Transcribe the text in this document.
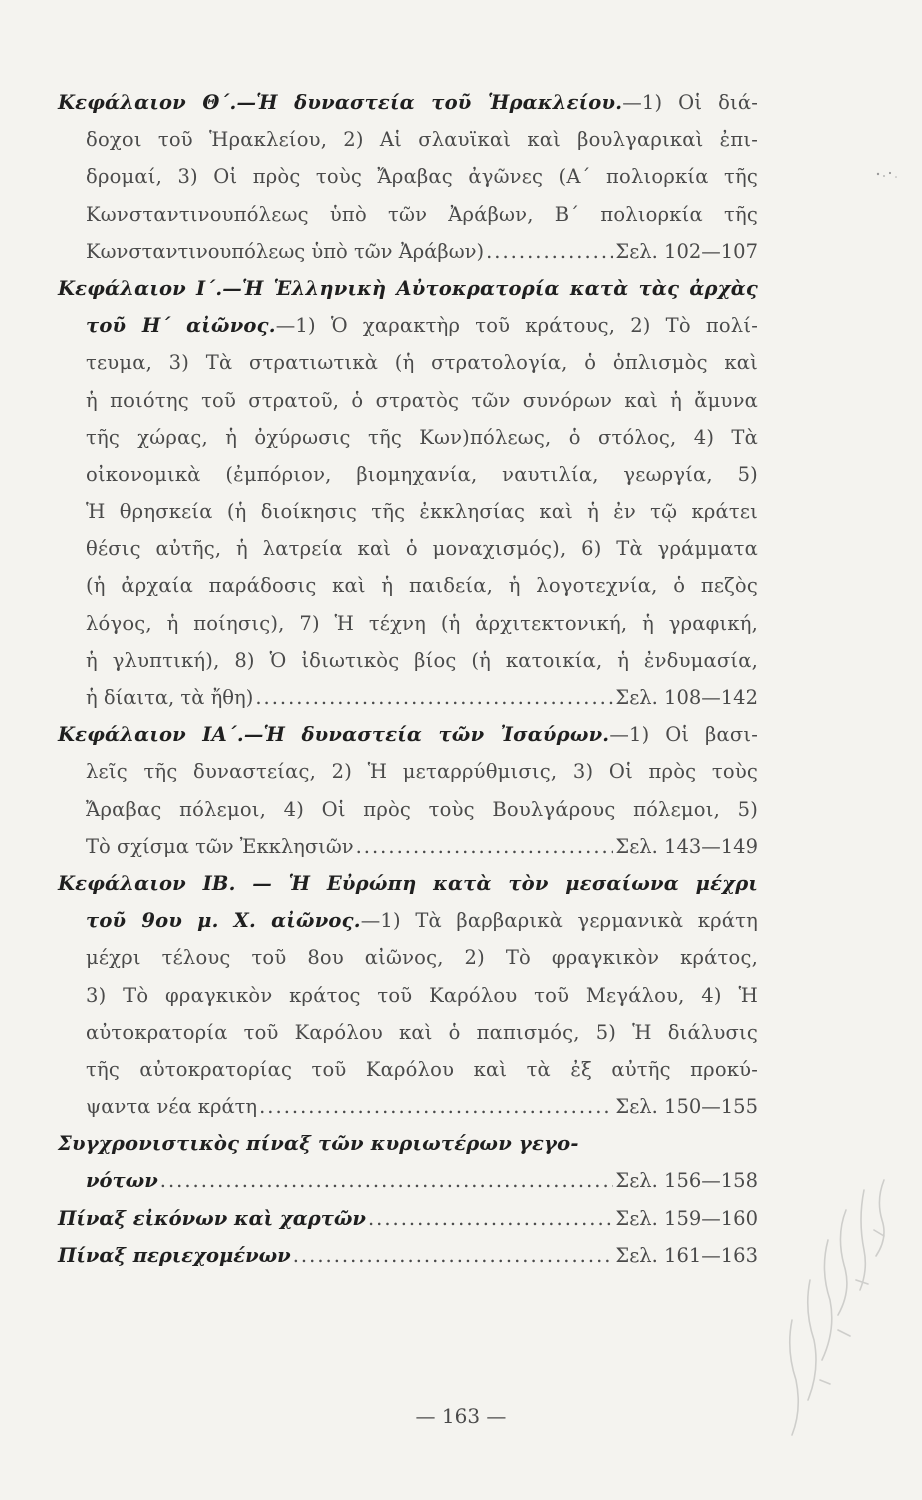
Κεφάλαιον Θ΄.—Ἡ δυναστεία τοῦ Ἡρακλείου.—1) Οἱ διά-
δοχοι τοῦ Ἡρακλείου, 2) Αἱ σλαυϊκαὶ καὶ βουλγαρικαὶ ἐπι-
δρομαί, 3) Οἱ πρὸς τοὺς Ἄραβας ἀγῶνες (Α΄ πολιορκία τῆς
Κωνσταντινουπόλεως ὑπὸ τῶν Ἀράβων, Β΄ πολιορκία τῆς
Κωνσταντινουπόλεως ὑπὸ τῶν Ἀράβων) .....	Σελ. 102—107
Κεφάλαιον Ι΄.—Ἡ Ἑλληνικὴ Αὐτοκρατορία κατὰ τὰς ἀρχὰς
τοῦ Η΄ αἰῶνος.—1) Ὁ χαρακτὴρ τοῦ κράτους, 2) Τὸ πολί-
τευμα, 3) Τὰ στρατιωτικὰ (ἡ στρατολογία, ὁ ὁπλισμὸς καὶ
ἡ ποιότης τοῦ στρατοῦ, ὁ στρατὸς τῶν συνόρων καὶ ἡ ἄμυνα
τῆς χώρας, ἡ ὀχύρωσις τῆς Κων)πόλεως, ὁ στόλος, 4) Τὰ
οἰκονομικὰ (ἐμπόριον, βιομηχανία, ναυτιλία, γεωργία, 5)
Ἡ θρησκεία (ἡ διοίκησις τῆς ἐκκλησίας καὶ ἡ ἐν τῷ κράτει
θέσις αὐτῆς, ἡ λατρεία καὶ ὁ μοναχισμός), 6) Τὰ γράμματα
(ἡ ἀρχαία παράδοσις καὶ ἡ παιδεία, ἡ λογοτεχνία, ὁ πεζὸς
λόγος, ἡ ποίησις), 7) Ἡ τέχνη (ἡ ἀρχιτεκτονική, ἡ γραφική,
ἡ γλυπτική), 8) Ὁ ἰδιωτικὸς βίος (ἡ κατοικία, ἡ ἐνδυμασία,
ἡ δίαιτα, τὰ ἤθη) .....	Σελ. 108—142
Κεφάλαιον ΙΑ΄.—Ἡ δυναστεία τῶν Ἰσαύρων.—1) Οἱ βασι-
λεῖς τῆς δυναστείας, 2) Ἡ μεταρρύθμισις, 3) Οἱ πρὸς τοὺς
Ἄραβας πόλεμοι, 4) Οἱ πρὸς τοὺς Βουλγάρους πόλεμοι, 5)
Τὸ σχίσμα τῶν Ἐκκλησιῶν .....	Σελ. 143—149
Κεφάλαιον ΙΒ. — Ἡ Εὐρώπη κατὰ τὸν μεσαίωνα μέχρι
τοῦ 9ου μ. Χ. αἰῶνος.—1) Τὰ βαρβαρικὰ γερμανικὰ κράτη
μέχρι τέλους τοῦ 8ου αἰῶνος, 2) Τὸ φραγκικὸν κράτος,
3) Τὸ φραγκικὸν κράτος τοῦ Καρόλου τοῦ Μεγάλου, 4) Ἡ
αὐτοκρατορία τοῦ Καρόλου καὶ ὁ παπισμός, 5) Ἡ διάλυσις
τῆς αὐτοκρατορίας τοῦ Καρόλου καὶ τὰ ἐξ αὐτῆς προκύ-
ψαντα νέα κράτη .....	Σελ. 150—155
Συγχρονιστικὸς πίναξ τῶν κυριωτέρων γεγο-
νότων .....	Σελ. 156—158
Πίναξ εἰκόνων καὶ χαρτῶν .....	Σελ. 159—160
Πίναξ περιεχομένων .....	Σελ. 161—163
— 163 —
